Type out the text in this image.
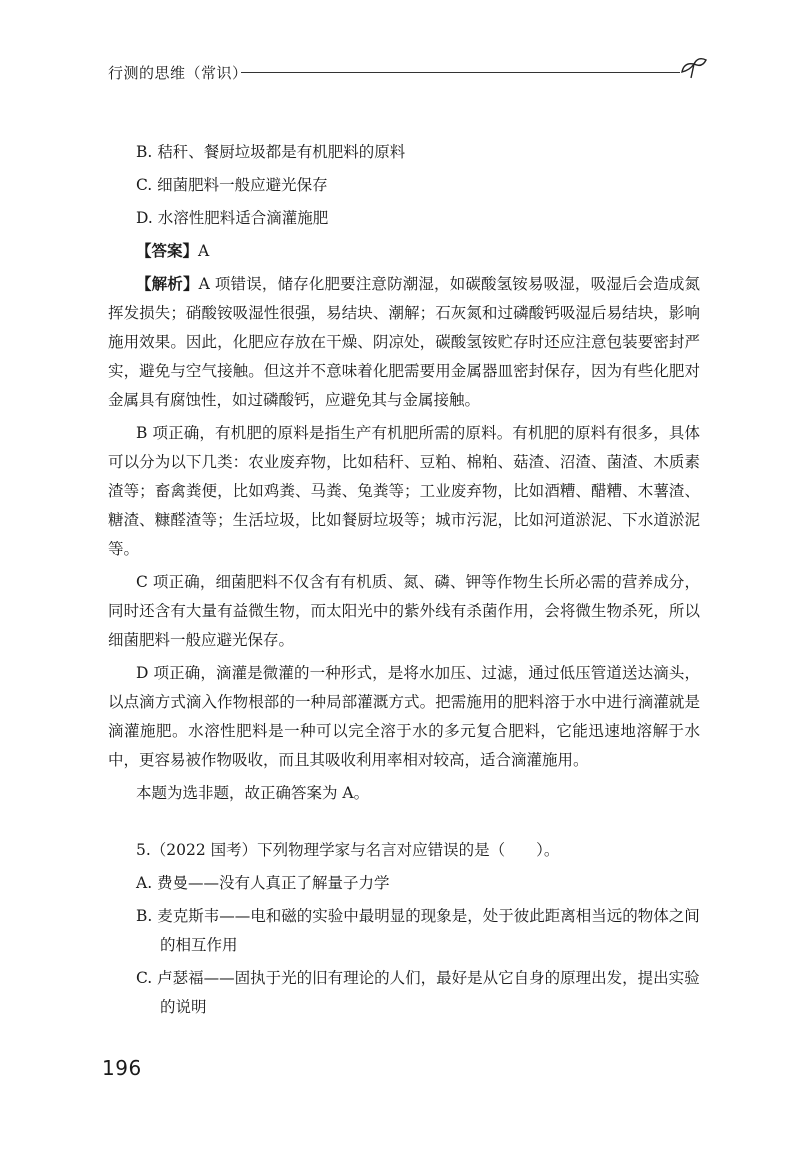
行测的思维（常识）

B. 秸秆、餐厨垃圾都是有机肥料的原料

C. 细菌肥料一般应避光保存

D. 水溶性肥料适合滴灌施肥

【答案】A

【解析】A 项错误，储存化肥要注意防潮湿，如碳酸氢铵易吸湿，吸湿后会造成氮挥发损失；硝酸铵吸湿性很强，易结块、潮解；石灰氮和过磷酸钙吸湿后易结块，影响施用效果。因此，化肥应存放在干燥、阴凉处，碳酸氢铵贮存时还应注意包装要密封严实，避免与空气接触。但这并不意味着化肥需要用金属器皿密封保存，因为有些化肥对金属具有腐蚀性，如过磷酸钙，应避免其与金属接触。

B 项正确，有机肥的原料是指生产有机肥所需的原料。有机肥的原料有很多，具体可以分为以下几类：农业废弃物，比如秸秆、豆粕、棉粕、菇渣、沼渣、菌渣、木质素渣等；畜禽粪便，比如鸡粪、马粪、兔粪等；工业废弃物，比如酒糟、醋糟、木薯渣、糖渣、糠醛渣等；生活垃圾，比如餐厨垃圾等；城市污泥，比如河道淤泥、下水道淤泥等。

C 项正确，细菌肥料不仅含有有机质、氮、磷、钾等作物生长所必需的营养成分，同时还含有大量有益微生物，而太阳光中的紫外线有杀菌作用，会将微生物杀死，所以细菌肥料一般应避光保存。

D 项正确，滴灌是微灌的一种形式，是将水加压、过滤，通过低压管道送达滴头，以点滴方式滴入作物根部的一种局部灌溉方式。把需施用的肥料溶于水中进行滴灌就是滴灌施肥。水溶性肥料是一种可以完全溶于水的多元复合肥料，它能迅速地溶解于水中，更容易被作物吸收，而且其吸收利用率相对较高，适合滴灌施用。

本题为选非题，故正确答案为 A。

5.（2022 国考）下列物理学家与名言对应错误的是（　　）。

A. 费曼——没有人真正了解量子力学

B. 麦克斯韦——电和磁的实验中最明显的现象是，处于彼此距离相当远的物体之间的相互作用

C. 卢瑟福——固执于光的旧有理论的人们，最好是从它自身的原理出发，提出实验的说明

196
